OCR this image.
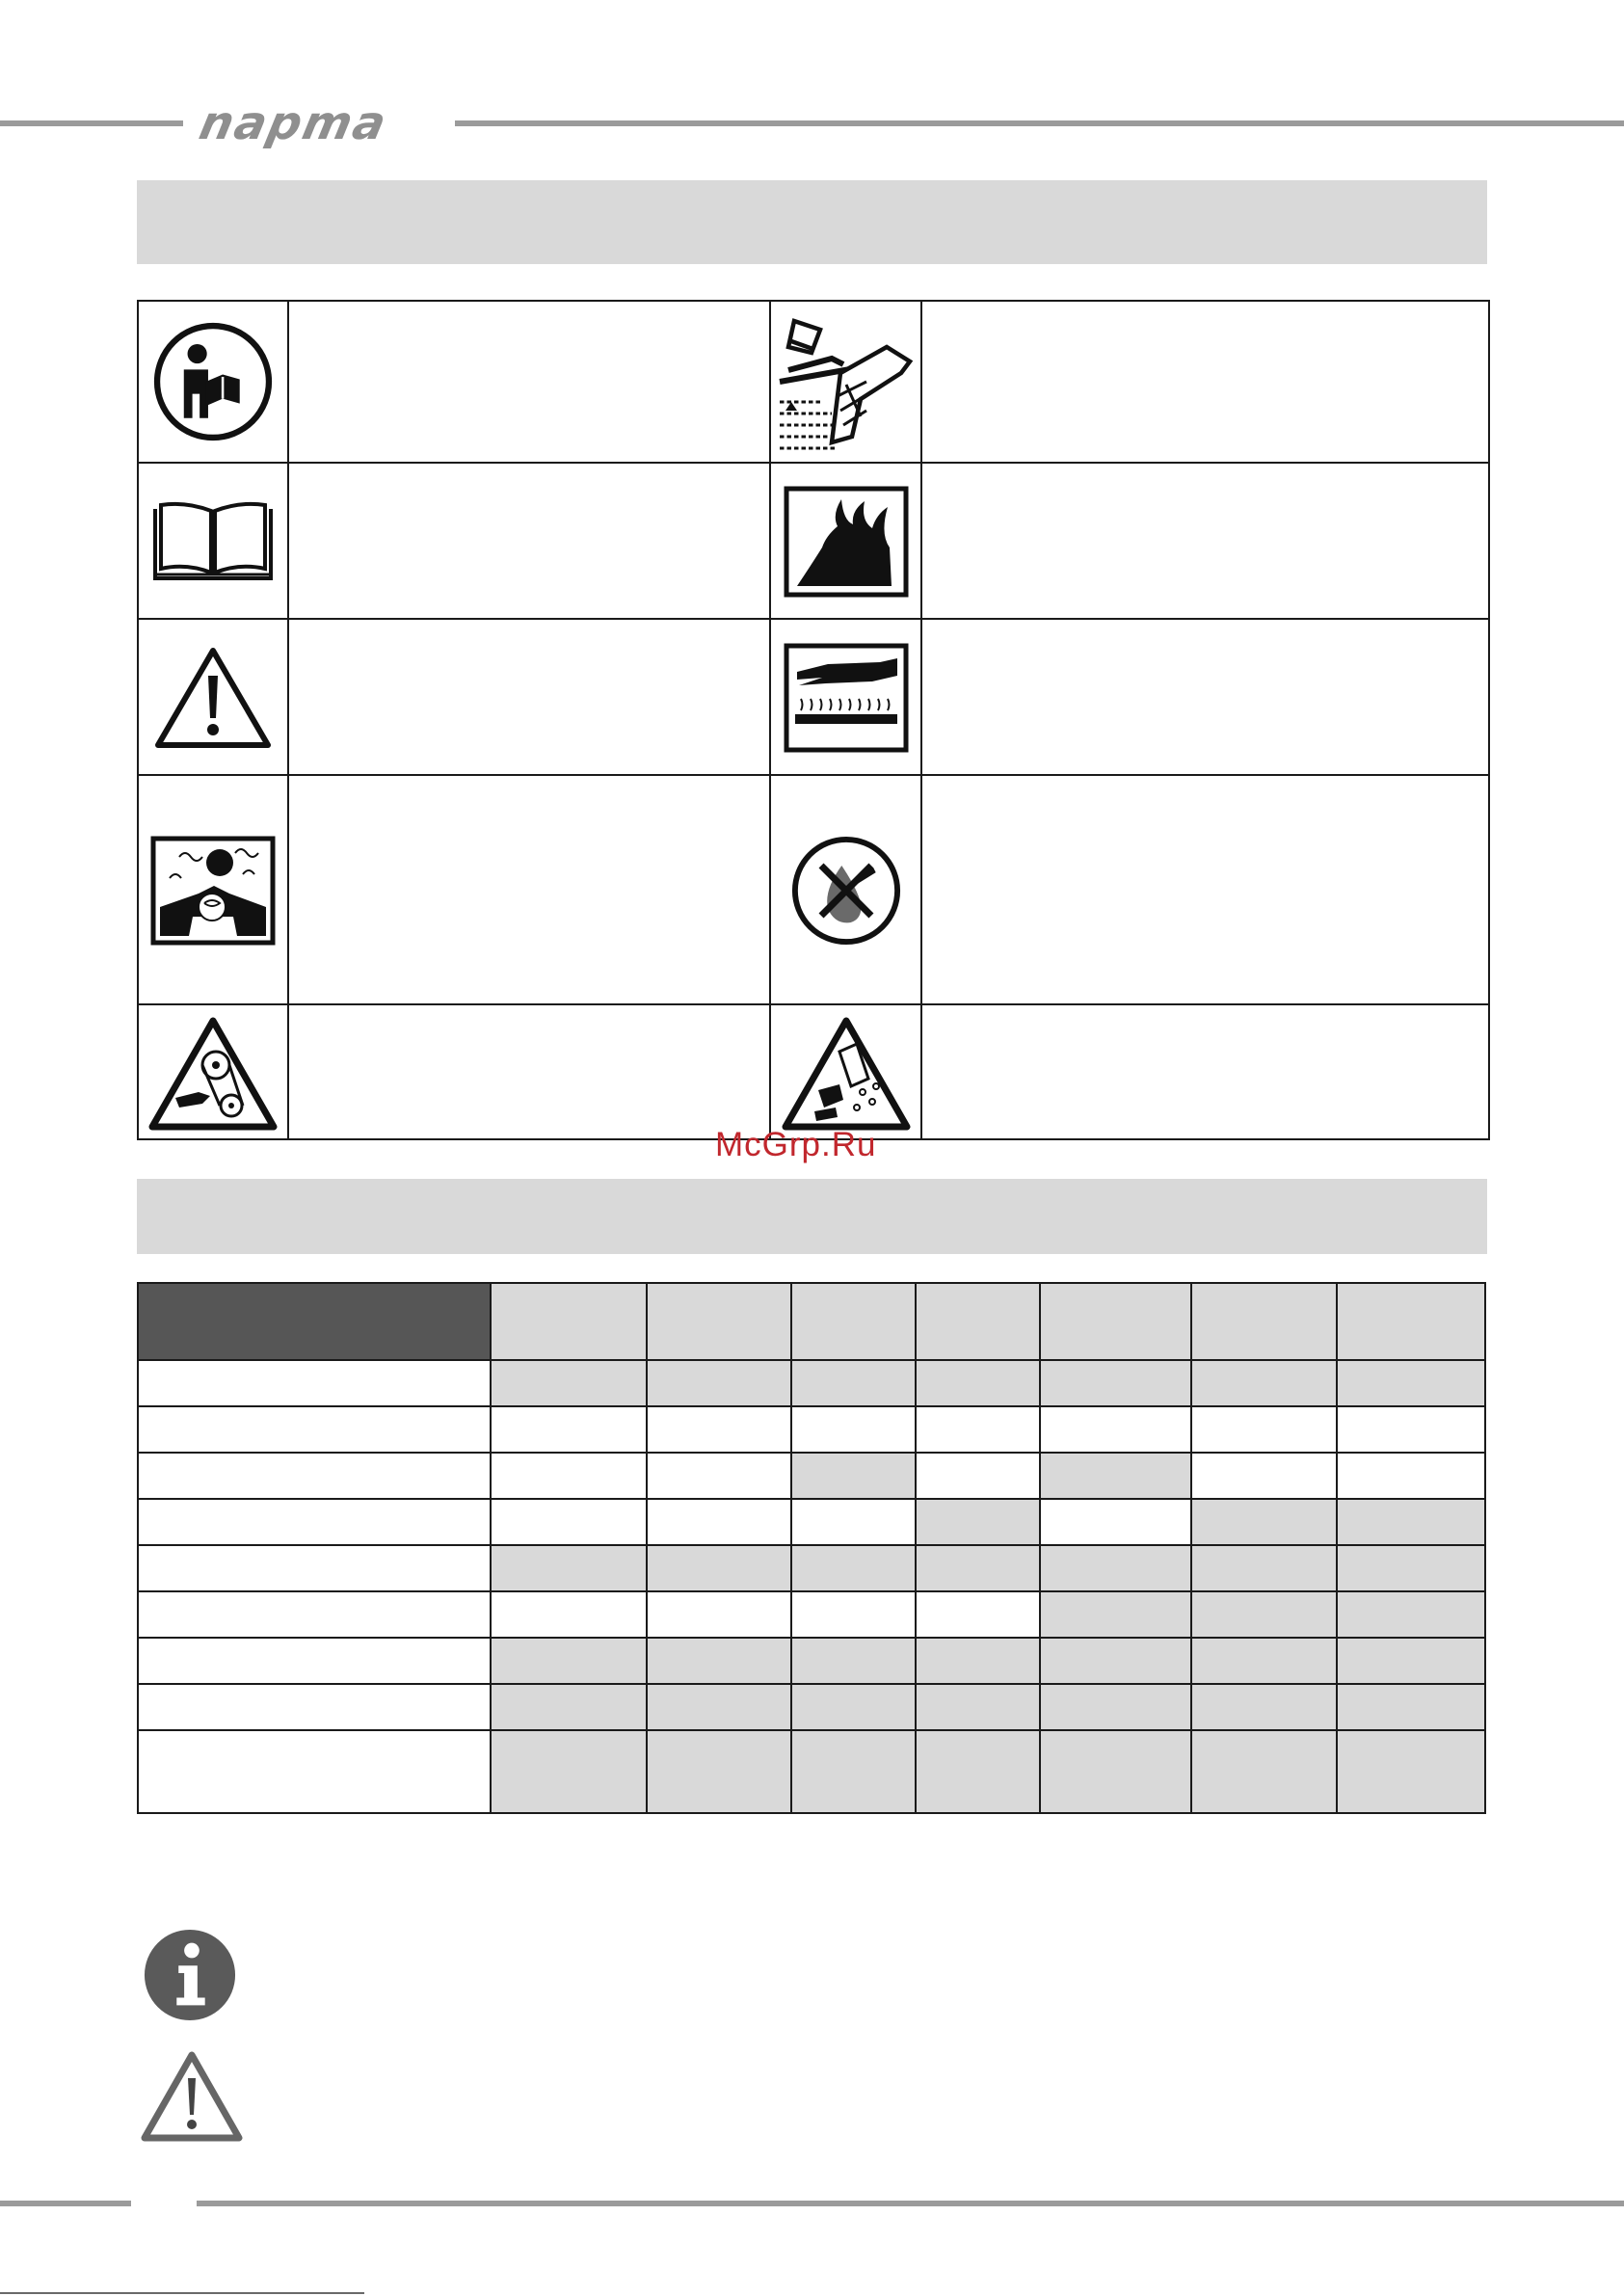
napma
McGrp.Ru
